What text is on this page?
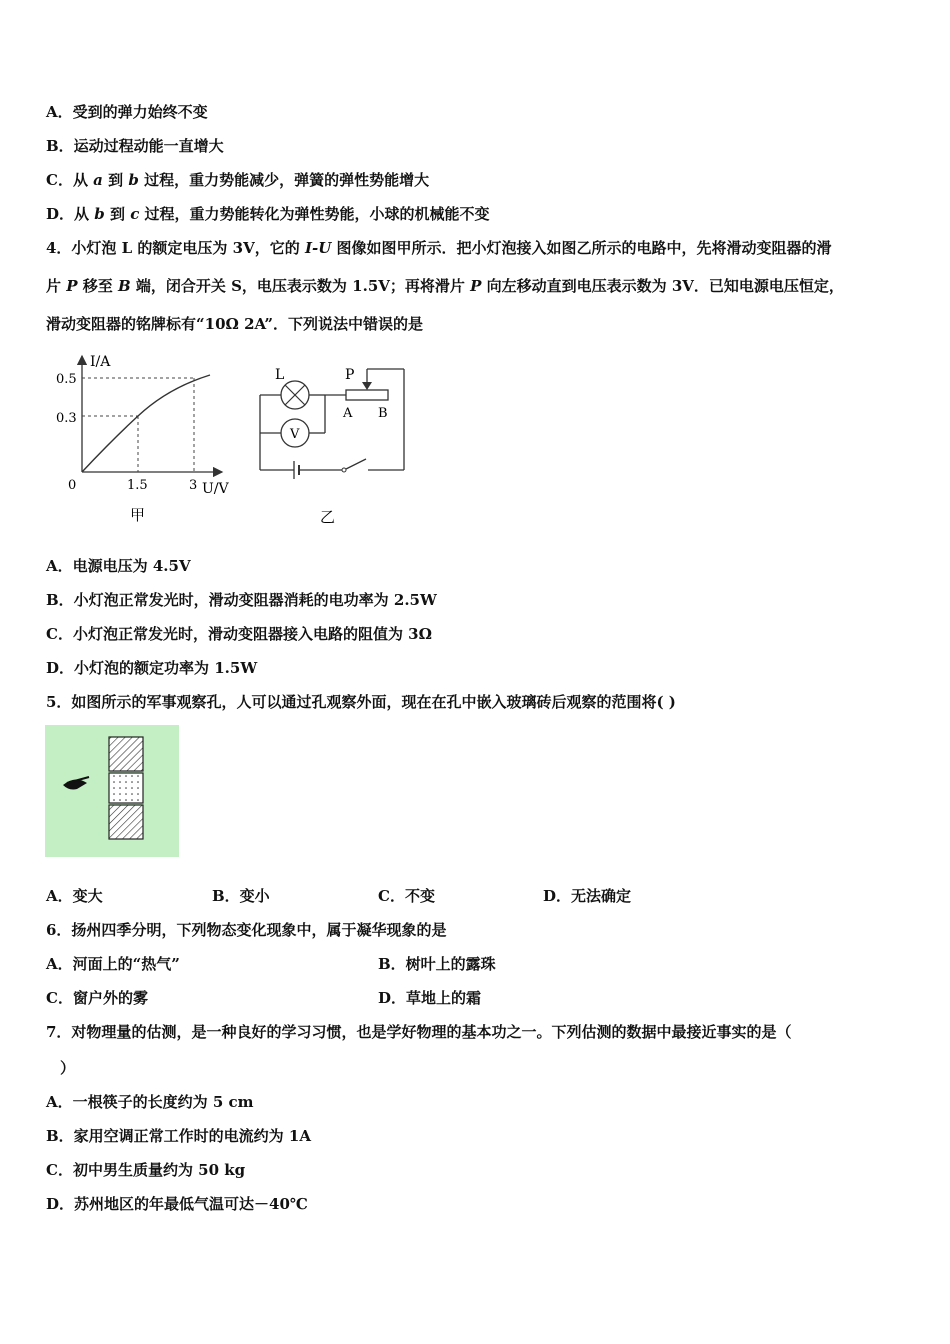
A．受到的弹力始终不变
B．运动过程动能一直增大
C．从 a 到 b 过程，重力势能减少，弹簧的弹性势能增大
D．从 b 到 c 过程，重力势能转化为弹性势能，小球的机械能不变
4．小灯泡 L 的额定电压为 3V，它的 I-U 图像如图甲所示．把小灯泡接入如图乙所示的电路中，先将滑动变阻器的滑
片 P 移至 B 端，闭合开关 S，电压表示数为 1.5V；再将滑片 P 向左移动直到电压表示数为 3V．已知电源电压恒定，
滑动变阻器的铭牌标有“10Ω 2A”．下列说法中错误的是
I/A
U/V
0.5
0.3
0	1.5	3
甲
L	P
V
A B
乙
A．电源电压为 4.5V
B．小灯泡正常发光时，滑动变阻器消耗的电功率为 2.5W
C．小灯泡正常发光时，滑动变阻器接入电路的阻值为 3Ω
D．小灯泡的额定功率为 1.5W
5．如图所示的军事观察孔，人可以通过孔观察外面，现在在孔中嵌入玻璃砖后观察的范围将( )
A．变大	B．变小	C．不变	D．无法确定
6．扬州四季分明，下列物态变化现象中，属于凝华现象的是
A．河面上的“热气”	B．树叶上的露珠
C．窗户外的雾	D．草地上的霜
7．对物理量的估测，是一种良好的学习习惯，也是学好物理的基本功之一。下列估测的数据中最接近事实的是（
）
A．一根筷子的长度约为 5 cm
B．家用空调正常工作时的电流约为 1A
C．初中男生质量约为 50 kg
D．苏州地区的年最低气温可达－40℃
